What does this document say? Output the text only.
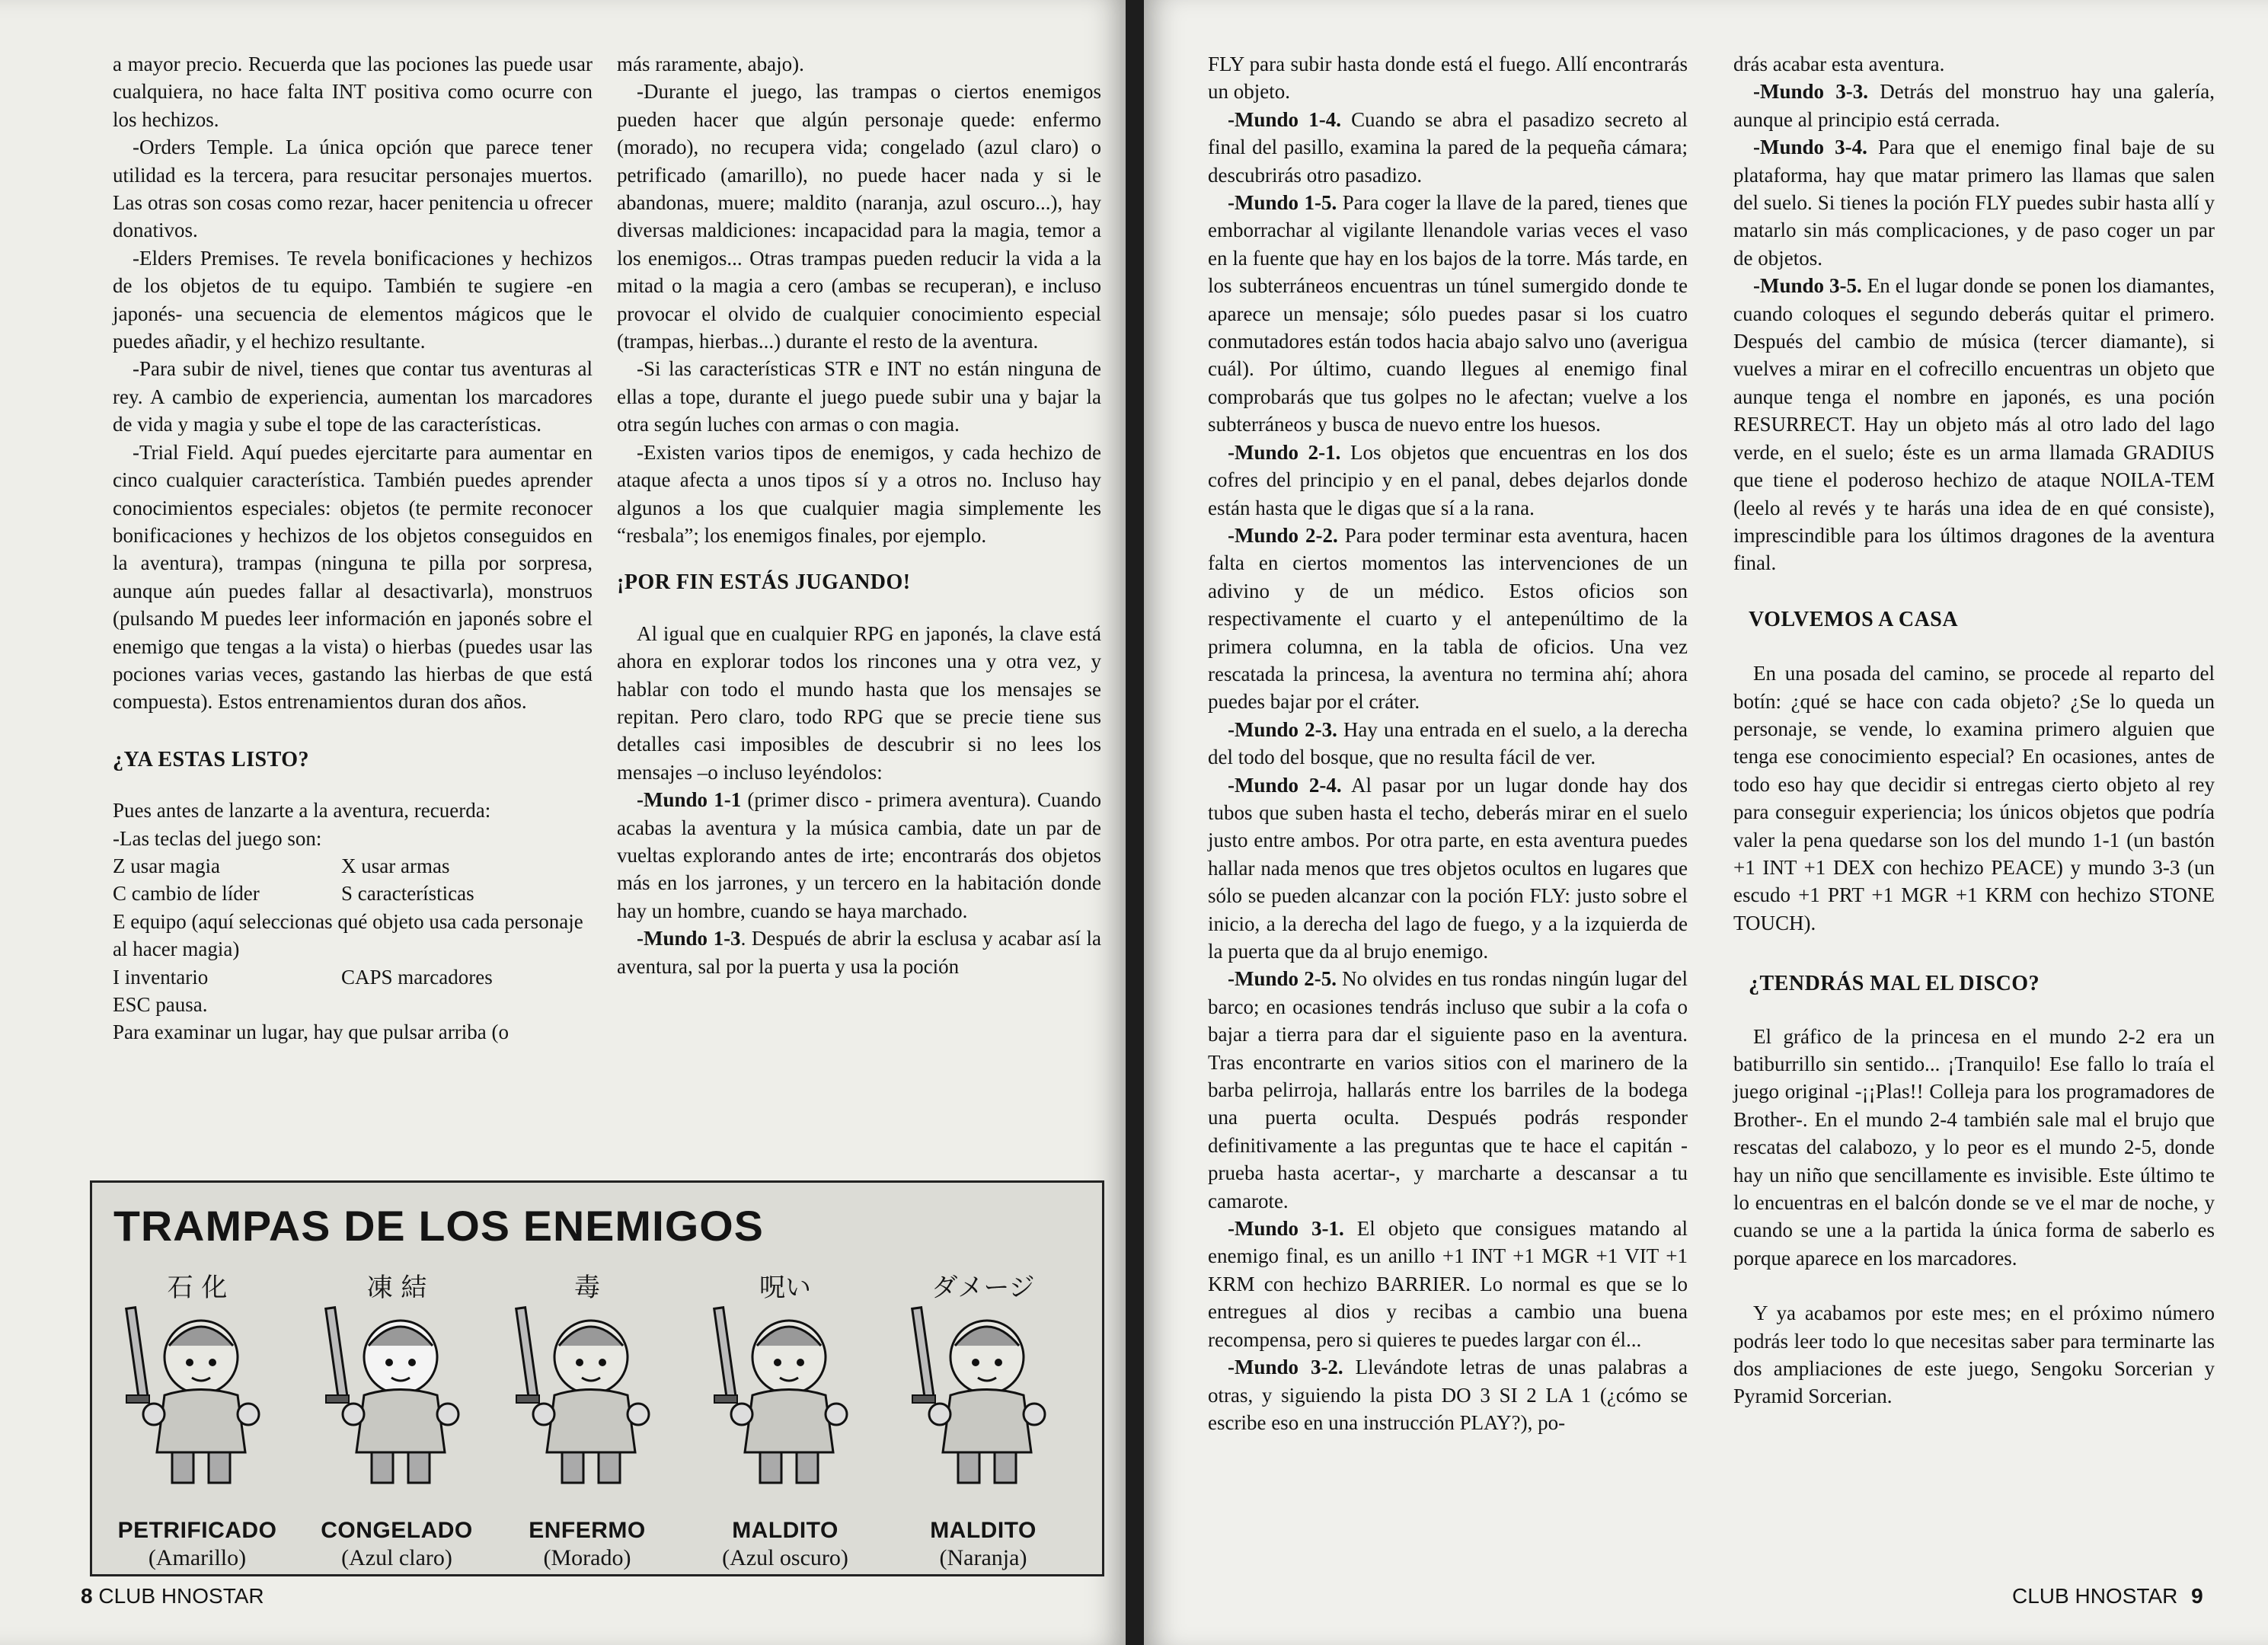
a mayor precio. Recuerda que las pociones las puede usar cualquiera, no hace falta INT positiva como ocurre con los hechizos.

-Orders Temple. La única opción que parece tener utilidad es la tercera, para resucitar personajes muertos. Las otras son cosas como rezar, hacer penitencia u ofrecer donativos.

-Elders Premises. Te revela bonificaciones y hechizos de los objetos de tu equipo. También te sugiere -en japonés- una secuencia de elementos mágicos que le puedes añadir, y el hechizo resultante.

-Para subir de nivel, tienes que contar tus aventuras al rey. A cambio de experiencia, aumentan los marcadores de vida y magia y sube el tope de las características.

-Trial Field. Aquí puedes ejercitarte para aumentar en cinco cualquier característica. También puedes aprender conocimientos especiales: objetos (te permite reconocer bonificaciones y hechizos de los objetos conseguidos en la aventura), trampas (ninguna te pilla por sorpresa, aunque aún puedes fallar al desactivarla), monstruos (pulsando M puedes leer información en japonés sobre el enemigo que tengas a la vista) o hierbas (puedes usar las pociones varias veces, gastando las hierbas de que está compuesta). Estos entrenamientos duran dos años.

¿YA ESTAS LISTO?

Pues antes de lanzarte a la aventura, recuerda:

-Las teclas del juego son:

Z usar magia	X usar armas
C cambio de líder	S características

E equipo (aquí seleccionas qué objeto usa cada personaje al hacer magia)

I inventario	CAPS marcadores

ESC pausa.

Para examinar un lugar, hay que pulsar arriba (o

más raramente, abajo).

-Durante el juego, las trampas o ciertos enemigos pueden hacer que algún personaje quede: enfermo (morado), no recupera vida; congelado (azul claro) o petrificado (amarillo), no puede hacer nada y si le abandonas, muere; maldito (naranja, azul oscuro...), hay diversas maldiciones: incapacidad para la magia, temor a los enemigos... Otras trampas pueden reducir la vida a la mitad o la magia a cero (ambas se recuperan), e incluso provocar el olvido de cualquier conocimiento especial (trampas, hierbas...) durante el resto de la aventura.

-Si las características STR e INT no están ninguna de ellas a tope, durante el juego puede subir una y bajar la otra según luches con armas o con magia.

-Existen varios tipos de enemigos, y cada hechizo de ataque afecta a unos tipos sí y a otros no. Incluso hay algunos a los que cualquier magia simplemente les “resbala”; los enemigos finales, por ejemplo.

¡POR FIN ESTÁS JUGANDO!

Al igual que en cualquier RPG en japonés, la clave está ahora en explorar todos los rincones una y otra vez, y hablar con todo el mundo hasta que los mensajes se repitan. Pero claro, todo RPG que se precie tiene sus detalles casi imposibles de descubrir si no lees los mensajes –o incluso leyéndolos:

-Mundo 1-1 (primer disco - primera aventura). Cuando acabas la aventura y la música cambia, date un par de vueltas explorando antes de irte; encontrarás dos objetos más en los jarrones, y un tercero en la habitación donde hay un hombre, cuando se haya marchado.

-Mundo 1-3. Después de abrir la esclusa y acabar así la aventura, sal por la puerta y usa la poción

TRAMPAS DE LOS ENEMIGOS
石 化
PETRIFICADO
(Amarillo)
凍 結
CONGELADO
(Azul claro)
毒
ENFERMO
(Morado)
呪い
MALDITO
(Azul oscuro)
ダメージ
MALDITO
(Naranja)
8 CLUB HNOSTAR

FLY para subir hasta donde está el fuego. Allí encontrarás un objeto.

-Mundo 1-4. Cuando se abra el pasadizo secreto al final del pasillo, examina la pared de la pequeña cámara; descubrirás otro pasadizo.

-Mundo 1-5. Para coger la llave de la pared, tienes que emborrachar al vigilante llenandole varias veces el vaso en la fuente que hay en los bajos de la torre. Más tarde, en los subterráneos encuentras un túnel sumergido donde te aparece un mensaje; sólo puedes pasar si los cuatro conmutadores están todos hacia abajo salvo uno (averigua cuál). Por último, cuando llegues al enemigo final comprobarás que tus golpes no le afectan; vuelve a los subterráneos y busca de nuevo entre los huesos.

-Mundo 2-1. Los objetos que encuentras en los dos cofres del principio y en el panal, debes dejarlos donde están hasta que le digas que sí a la rana.

-Mundo 2-2. Para poder terminar esta aventura, hacen falta en ciertos momentos las intervenciones de un adivino y de un médico. Estos oficios son respectivamente el cuarto y el antepenúltimo de la primera columna, en la tabla de oficios. Una vez rescatada la princesa, la aventura no termina ahí; ahora puedes bajar por el cráter.

-Mundo 2-3. Hay una entrada en el suelo, a la derecha del todo del bosque, que no resulta fácil de ver.

-Mundo 2-4. Al pasar por un lugar donde hay dos tubos que suben hasta el techo, deberás mirar en el suelo justo entre ambos. Por otra parte, en esta aventura puedes hallar nada menos que tres objetos ocultos en lugares que sólo se pueden alcanzar con la poción FLY: justo sobre el inicio, a la derecha del lago de fuego, y a la izquierda de la puerta que da al brujo enemigo.

-Mundo 2-5. No olvides en tus rondas ningún lugar del barco; en ocasiones tendrás incluso que subir a la cofa o bajar a tierra para dar el siguiente paso en la aventura. Tras encontrarte en varios sitios con el marinero de la barba pelirroja, hallarás entre los barriles de la bodega una puerta oculta. Después podrás responder definitivamente a las preguntas que te hace el capitán -prueba hasta acertar-, y marcharte a descansar a tu camarote.

-Mundo 3-1. El objeto que consigues matando al enemigo final, es un anillo +1 INT +1 MGR +1 VIT +1 KRM con hechizo BARRIER. Lo normal es que se lo entregues al dios y recibas a cambio una buena recompensa, pero si quieres te puedes largar con él...

-Mundo 3-2. Llevándote letras de unas palabras a otras, y siguiendo la pista DO 3 SI 2 LA 1 (¿cómo se escribe eso en una instrucción PLAY?), po-

drás acabar esta aventura.

-Mundo 3-3. Detrás del monstruo hay una galería, aunque al principio está cerrada.

-Mundo 3-4. Para que el enemigo final baje de su plataforma, hay que matar primero las llamas que salen del suelo. Si tienes la poción FLY puedes subir hasta allí y matarlo sin más complicaciones, y de paso coger un par de objetos.

-Mundo 3-5. En el lugar donde se ponen los diamantes, cuando coloques el segundo deberás quitar el primero. Después del cambio de música (tercer diamante), si vuelves a mirar en el cofrecillo encuentras un objeto que aunque tenga el nombre en japonés, es una poción RESURRECT. Hay un objeto más al otro lado del lago verde, en el suelo; éste es un arma llamada GRADIUS que tiene el poderoso hechizo de ataque NOILA-TEM (leelo al revés y te harás una idea de en qué consiste), imprescindible para los últimos dragones de la aventura final.

VOLVEMOS A CASA

En una posada del camino, se procede al reparto del botín: ¿qué se hace con cada objeto? ¿Se lo queda un personaje, se vende, lo examina primero alguien que tenga ese conocimiento especial? En ocasiones, antes de todo eso hay que decidir si entregas cierto objeto al rey para conseguir experiencia; los únicos objetos que podría valer la pena quedarse son los del mundo 1-1 (un bastón +1 INT +1 DEX con hechizo PEACE) y mundo 3-3 (un escudo +1 PRT +1 MGR +1 KRM con hechizo STONE TOUCH).

¿TENDRÁS MAL EL DISCO?

El gráfico de la princesa en el mundo 2-2 era un batiburrillo sin sentido... ¡Tranquilo! Ese fallo lo traía el juego original -¡¡Plas!! Colleja para los programadores de Brother-. En el mundo 2-4 también sale mal el brujo que rescatas del calabozo, y lo peor es el mundo 2-5, donde hay un niño que sencillamente es invisible. Este último te lo encuentras en el balcón donde se ve el mar de noche, y cuando se une a la partida la única forma de saberlo es porque aparece en los marcadores.

Y ya acabamos por este mes; en el próximo número podrás leer todo lo que necesitas saber para terminarte las dos ampliaciones de este juego, Sengoku Sorcerian y Pyramid Sorcerian.

CLUB HNOSTAR 9
